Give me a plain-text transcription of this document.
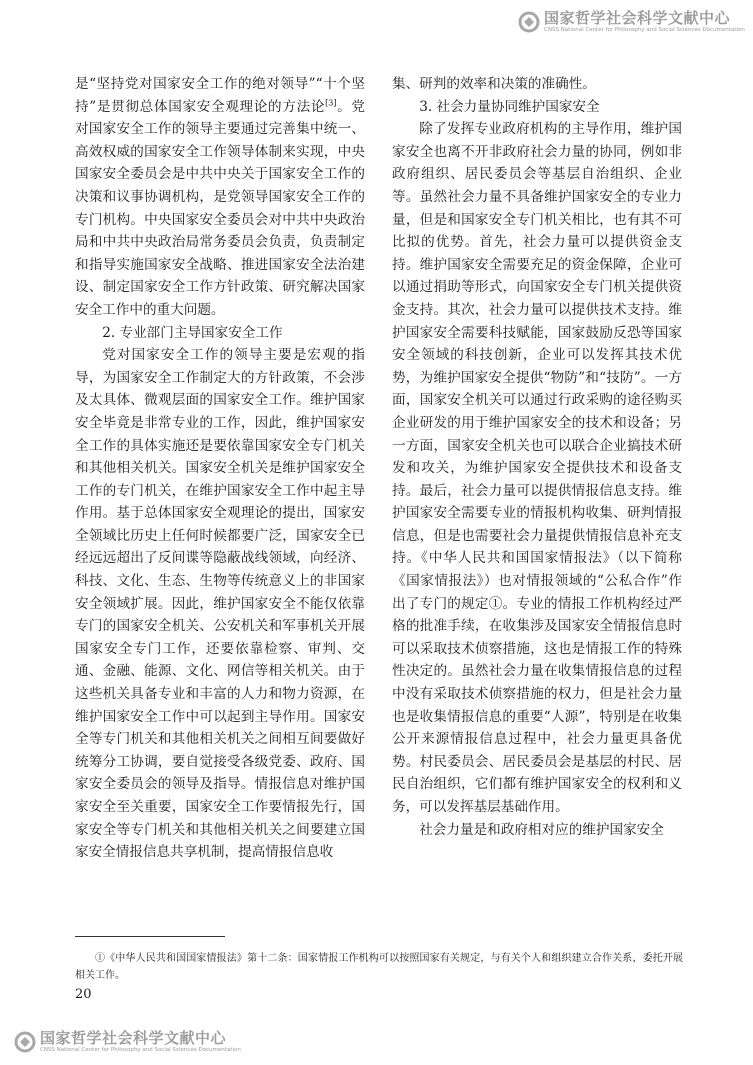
国家哲学社会科学文献中心
CNSS National Center for Philosophy and Social Sciences Documentation

是“坚持党对国家安全工作的绝对领导”“十个坚持”是贯彻总体国家安全观理论的方法论[3]。党对国家安全工作的领导主要通过完善集中统一、高效权威的国家安全工作领导体制来实现，中央国家安全委员会是中共中央关于国家安全工作的决策和议事协调机构，是党领导国家安全工作的专门机构。中央国家安全委员会对中共中央政治局和中共中央政治局常务委员会负责，负责制定和指导实施国家安全战略、推进国家安全法治建设、制定国家安全工作方针政策、研究解决国家安全工作中的重大问题。

2. 专业部门主导国家安全工作

党对国家安全工作的领导主要是宏观的指导，为国家安全工作制定大的方针政策，不会涉及太具体、微观层面的国家安全工作。维护国家安全毕竟是非常专业的工作，因此，维护国家安全工作的具体实施还是要依靠国家安全专门机关和其他相关机关。国家安全机关是维护国家安全工作的专门机关，在维护国家安全工作中起主导作用。基于总体国家安全观理论的提出，国家安全领域比历史上任何时候都要广泛，国家安全已经远远超出了反间谍等隐蔽战线领域，向经济、科技、文化、生态、生物等传统意义上的非国家安全领域扩展。因此，维护国家安全不能仅依靠专门的国家安全机关、公安机关和军事机关开展国家安全专门工作，还要依靠检察、审判、交通、金融、能源、文化、网信等相关机关。由于这些机关具备专业和丰富的人力和物力资源，在维护国家安全工作中可以起到主导作用。国家安全等专门机关和其他相关机关之间相互间要做好统筹分工协调，要自觉接受各级党委、政府、国家安全委员会的领导及指导。情报信息对维护国家安全至关重要，国家安全工作要情报先行，国家安全等专门机关和其他相关机关之间要建立国家安全情报信息共享机制，提高情报信息收

集、研判的效率和决策的准确性。

3. 社会力量协同维护国家安全

除了发挥专业政府机构的主导作用，维护国家安全也离不开非政府社会力量的协同，例如非政府组织、居民委员会等基层自治组织、企业等。虽然社会力量不具备维护国家安全的专业力量，但是和国家安全专门机关相比，也有其不可比拟的优势。首先，社会力量可以提供资金支持。维护国家安全需要充足的资金保障，企业可以通过捐助等形式，向国家安全专门机关提供资金支持。其次，社会力量可以提供技术支持。维护国家安全需要科技赋能，国家鼓励反恐等国家安全领域的科技创新，企业可以发挥其技术优势，为维护国家安全提供“物防”和“技防”。一方面，国家安全机关可以通过行政采购的途径购买企业研发的用于维护国家安全的技术和设备；另一方面，国家安全机关也可以联合企业搞技术研发和攻关，为维护国家安全提供技术和设备支持。最后，社会力量可以提供情报信息支持。维护国家安全需要专业的情报机构收集、研判情报信息，但是也需要社会力量提供情报信息补充支持。《中华人民共和国国家情报法》（以下简称《国家情报法》）也对情报领域的“公私合作”作出了专门的规定①。专业的情报工作机构经过严格的批准手续，在收集涉及国家安全情报信息时可以采取技术侦察措施，这也是情报工作的特殊性决定的。虽然社会力量在收集情报信息的过程中没有采取技术侦察措施的权力，但是社会力量也是收集情报信息的重要“人源”，特别是在收集公开来源情报信息过程中，社会力量更具备优势。村民委员会、居民委员会是基层的村民、居民自治组织，它们都有维护国家安全的权利和义务，可以发挥基层基础作用。

社会力量是和政府相对应的维护国家安全

①《中华人民共和国国家情报法》第十二条：国家情报工作机构可以按照国家有关规定，与有关个人和组织建立合作关系，委托开展相关工作。

20
国家哲学社会科学文献中心
CNSS National Center for Philosophy and Social Sciences Documentation
